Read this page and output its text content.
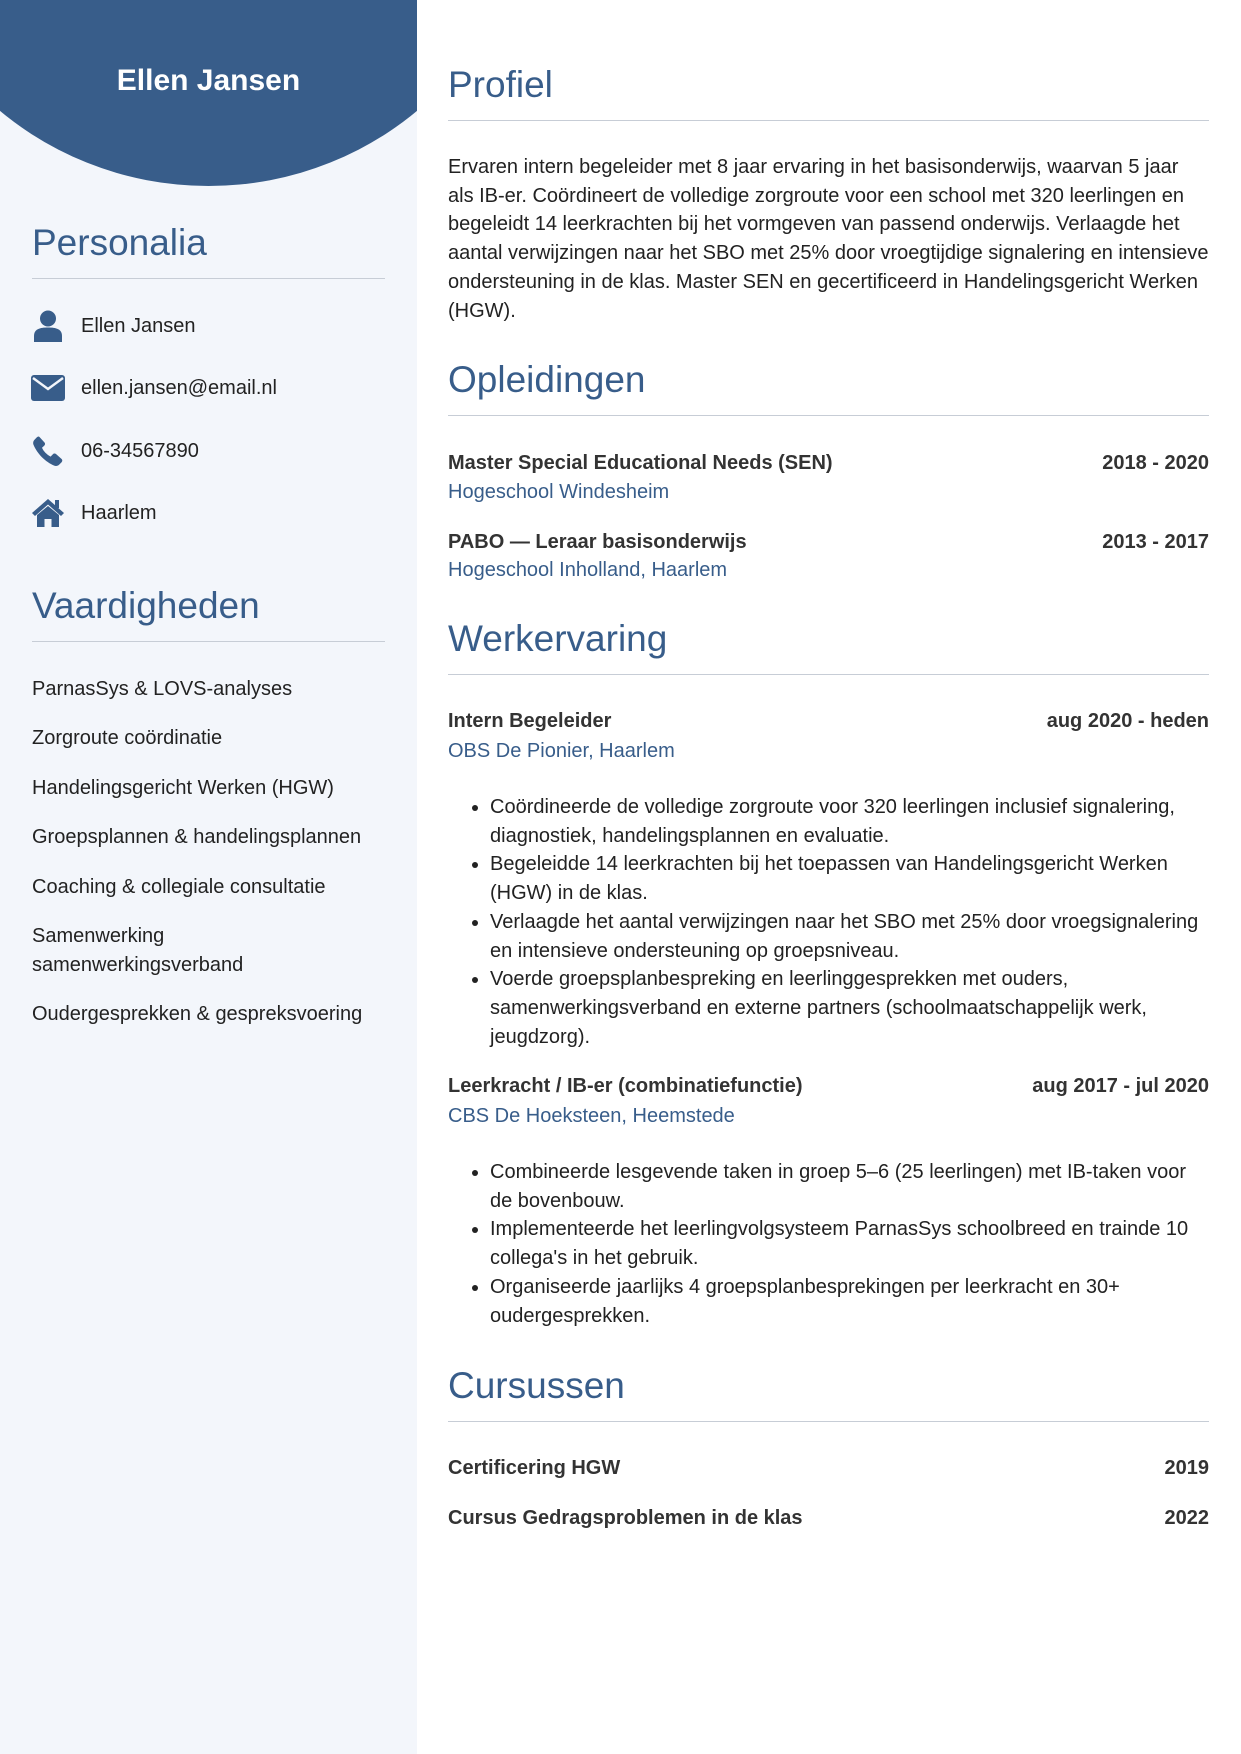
Ellen Jansen
Personalia
Ellen Jansen
ellen.jansen@email.nl
06-34567890
Haarlem
Vaardigheden
ParnasSys & LOVS-analyses
Zorgroute coördinatie
Handelingsgericht Werken (HGW)
Groepsplannen & handelingsplannen
Coaching & collegiale consultatie
Samenwerking samenwerkingsverband
Oudergesprekken & gespreksvoering
Profiel

Ervaren intern begeleider met 8 jaar ervaring in het basisonderwijs, waarvan 5 jaar als IB-er. Coördineert de volledige zorgroute voor een school met 320 leerlingen en begeleidt 14 leerkrachten bij het vormgeven van passend onderwijs. Verlaagde het aantal verwijzingen naar het SBO met 25% door vroegtijdige signalering en intensieve ondersteuning in de klas. Master SEN en gecertificeerd in Handelingsgericht Werken (HGW).

Opleidingen
Master Special Educational Needs (SEN)	2018 - 2020
Hogeschool Windesheim
PABO — Leraar basisonderwijs	2013 - 2017
Hogeschool Inholland, Haarlem
Werkervaring
Intern Begeleider	aug 2020 - heden
OBS De Pionier, Haarlem
• Coördineerde de volledige zorgroute voor 320 leerlingen inclusief signalering, diagnostiek, handelingsplannen en evaluatie.
• Begeleidde 14 leerkrachten bij het toepassen van Handelingsgericht Werken (HGW) in de klas.
• Verlaagde het aantal verwijzingen naar het SBO met 25% door vroegsignalering en intensieve ondersteuning op groepsniveau.
• Voerde groepsplanbespreking en leerlinggesprekken met ouders, samenwerkingsverband en externe partners (schoolmaatschappelijk werk, jeugdzorg).
Leerkracht / IB-er (combinatiefunctie)	aug 2017 - jul 2020
CBS De Hoeksteen, Heemstede
• Combineerde lesgevende taken in groep 5–6 (25 leerlingen) met IB-taken voor de bovenbouw.
• Implementeerde het leerlingvolgsysteem ParnasSys schoolbreed en trainde 10 collega's in het gebruik.
• Organiseerde jaarlijks 4 groepsplanbesprekingen per leerkracht en 30+ oudergesprekken.
Cursussen
Certificering HGW	2019
Cursus Gedragsproblemen in de klas	2022
